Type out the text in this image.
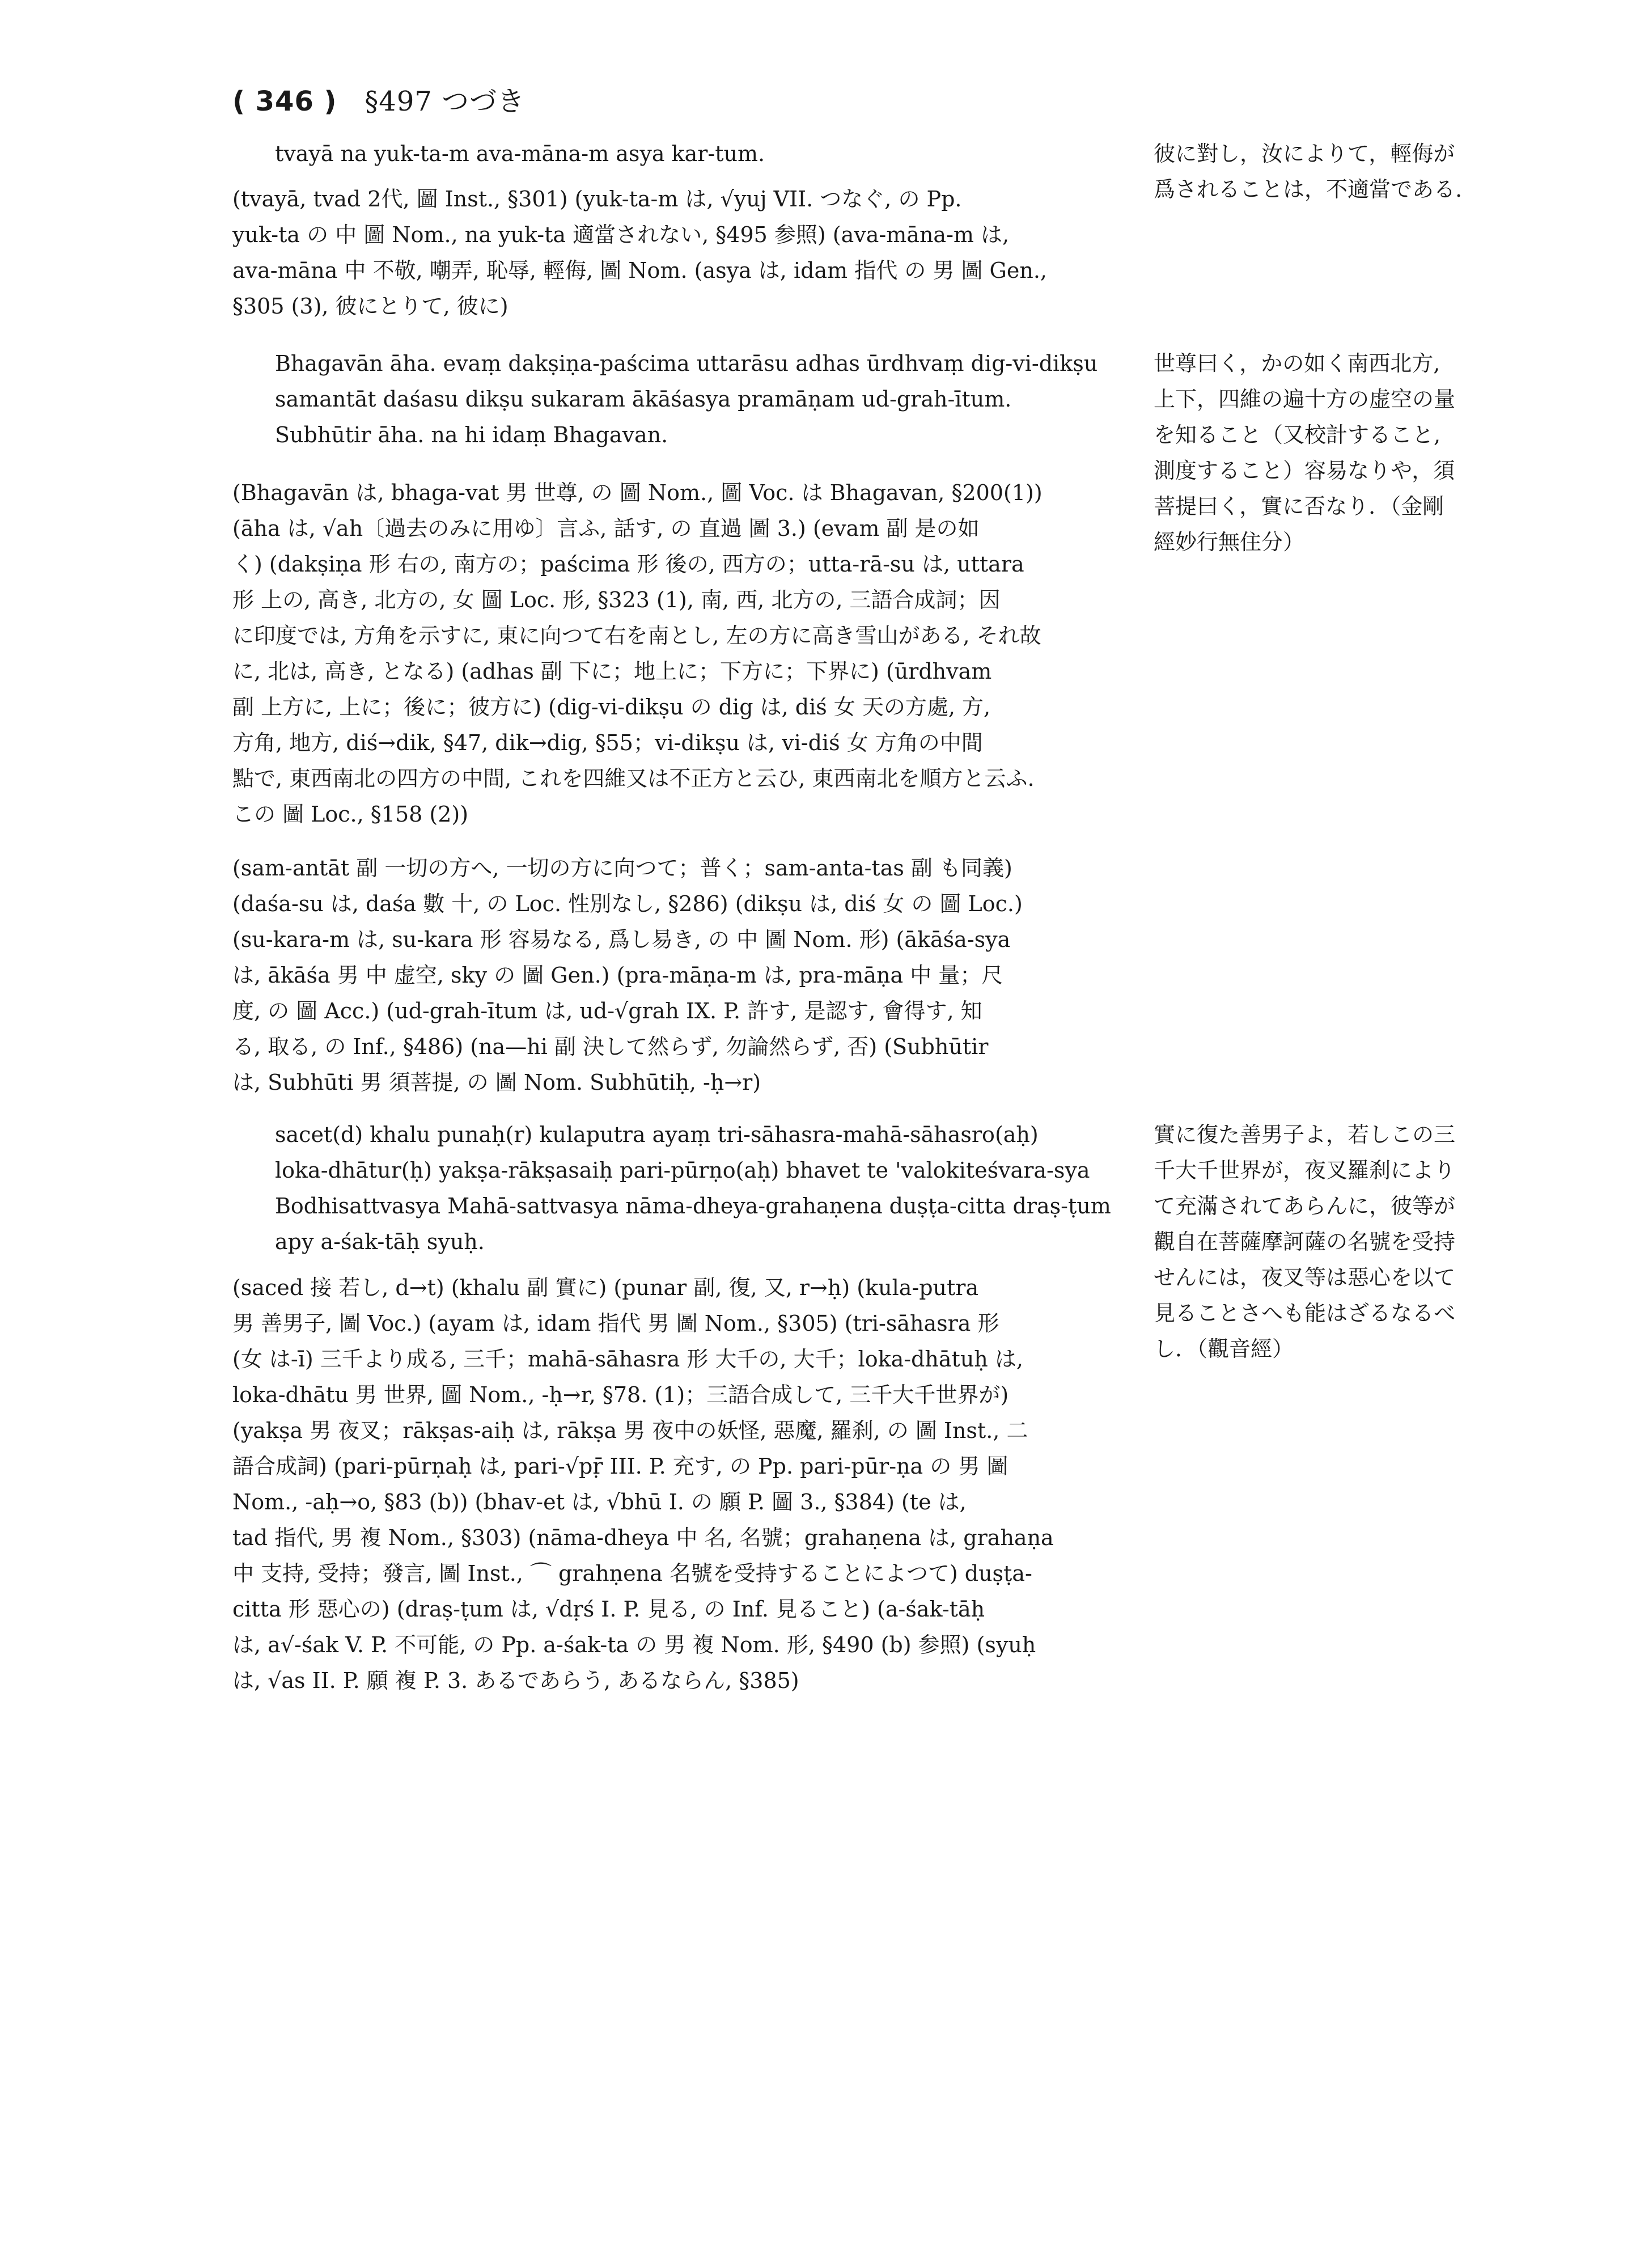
( 346 ) §497 つづき

tvayā na yuk-ta-m ava-māna-m asya kar-tum.	彼に對し，汝によりて，輕侮が

爲されることは，不適當である.

(tvayā, tvad 2代, 圖 Inst., §301) (yuk-ta-m は, √yuj VII. つなぐ, の Pp.

yuk-ta の 中 圖 Nom., na yuk-ta 適當されない, §495 参照) (ava-māna-m は,

ava-māna 中 不敬, 嘲弄, 恥辱, 輕侮, 圖 Nom. (asya は, idam 指代 の 男 圖 Gen.,

§305 (3), 彼にとりて, 彼に)

Bhagavān āha. evaṃ dakṣiṇa-paścima uttarāsu adhas ūrdhvaṃ dig-vi-dikṣu

samantāt daśasu dikṣu sukaram ākāśasya pramāṇam ud-grah-ītum.

Subhūtir āha. na hi idaṃ Bhagavan.

世尊曰く，かの如く南西北方,

上下，四維の遍十方の虚空の量

を知ること（又校計すること,

測度すること）容易なりや，須

菩提曰く，實に否なり．（金剛

經妙行無住分）

(Bhagavān は, bhaga-vat 男 世尊, の 圖 Nom., 圖 Voc. は Bhagavan, §200(1))

(āha は, √ah〔過去のみに用ゆ〕言ふ, 話す, の 直過 圖 3.) (evam 副 是の如

く) (dakṣiṇa 形 右の, 南方の；paścima 形 後の, 西方の；utta-rā-su は, uttara

形 上の, 高き, 北方の, 女 圖 Loc. 形, §323 (1), 南, 西, 北方の, 三語合成詞；因

に印度では, 方角を示すに, 東に向つて右を南とし, 左の方に高き雪山がある, それ故

に, 北は, 高き, となる) (adhas 副 下に；地上に；下方に；下界に) (ūrdhvam

副 上方に, 上に；後に；彼方に) (dig-vi-dikṣu の dig は, diś 女 天の方處, 方,

方角, 地方, diś→dik, §47, dik→dig, §55；vi-dikṣu は, vi-diś 女 方角の中間

點で, 東西南北の四方の中間, これを四維又は不正方と云ひ, 東西南北を順方と云ふ.

この 圖 Loc., §158 (2))

(sam-antāt 副 一切の方へ, 一切の方に向つて；普く；sam-anta-tas 副 も同義)

(daśa-su は, daśa 數 十, の Loc. 性別なし, §286) (dikṣu は, diś 女 の 圖 Loc.)

(su-kara-m は, su-kara 形 容易なる, 爲し易き, の 中 圖 Nom. 形) (ākāśa-sya

は, ākāśa 男 中 虚空, sky の 圖 Gen.) (pra-māṇa-m は, pra-māṇa 中 量；尺

度, の 圖 Acc.) (ud-grah-ītum は, ud-√grah IX. P. 許す, 是認す, 會得す, 知

る, 取る, の Inf., §486) (na—hi 副 決して然らず, 勿論然らず, 否) (Subhūtir

は, Subhūti 男 須菩提, の 圖 Nom. Subhūtiḥ, -ḥ→r)

sacet(d) khalu punaḥ(r) kulaputra ayaṃ tri-sāhasra-mahā-sāhasro(aḥ)

loka-dhātur(ḥ) yakṣa-rākṣasaiḥ pari-pūrṇo(aḥ) bhavet te 'valokiteśvara-sya

Bodhisattvasya Mahā-sattvasya nāma-dheya-grahaṇena duṣṭa-citta draṣ-ṭum

apy a-śak-tāḥ syuḥ.

實に復た善男子よ，若しこの三

千大千世界が，夜叉羅刹により

て充滿されてあらんに，彼等が

觀自在菩薩摩訶薩の名號を受持

せんには，夜叉等は惡心を以て

見ることさへも能はざるなるべ

し．（觀音經）

(saced 接 若し, d→t) (khalu 副 實に) (punar 副, 復, 又, r→ḥ) (kula-putra

男 善男子, 圖 Voc.) (ayam は, idam 指代 男 圖 Nom., §305) (tri-sāhasra 形

(女 は-ī) 三千より成る, 三千；mahā-sāhasra 形 大千の, 大千；loka-dhātuḥ は,

loka-dhātu 男 世界, 圖 Nom., -ḥ→r, §78. (1)；三語合成して, 三千大千世界が)

(yakṣa 男 夜叉；rākṣas-aiḥ は, rākṣa 男 夜中の妖怪, 惡魔, 羅刹, の 圖 Inst., 二

語合成詞) (pari-pūrṇaḥ は, pari-√pṝ III. P. 充す, の Pp. pari-pūr-ṇa の 男 圖

Nom., -aḥ→o, §83 (b)) (bhav-et は, √bhū I. の 願 P. 圖 3., §384) (te は,

tad 指代, 男 複 Nom., §303) (nāma-dheya 中 名, 名號；grahaṇena は, grahaṇa

中 支持, 受持；發言, 圖 Inst., ⌒ grahṇena 名號を受持することによつて) duṣṭa-

citta 形 惡心の) (draṣ-ṭum は, √dṛś I. P. 見る, の Inf. 見ること) (a-śak-tāḥ

は, a√-śak V. P. 不可能, の Pp. a-śak-ta の 男 複 Nom. 形, §490 (b) 参照) (syuḥ

は, √as II. P. 願 複 P. 3. あるであらう, あるならん, §385)
